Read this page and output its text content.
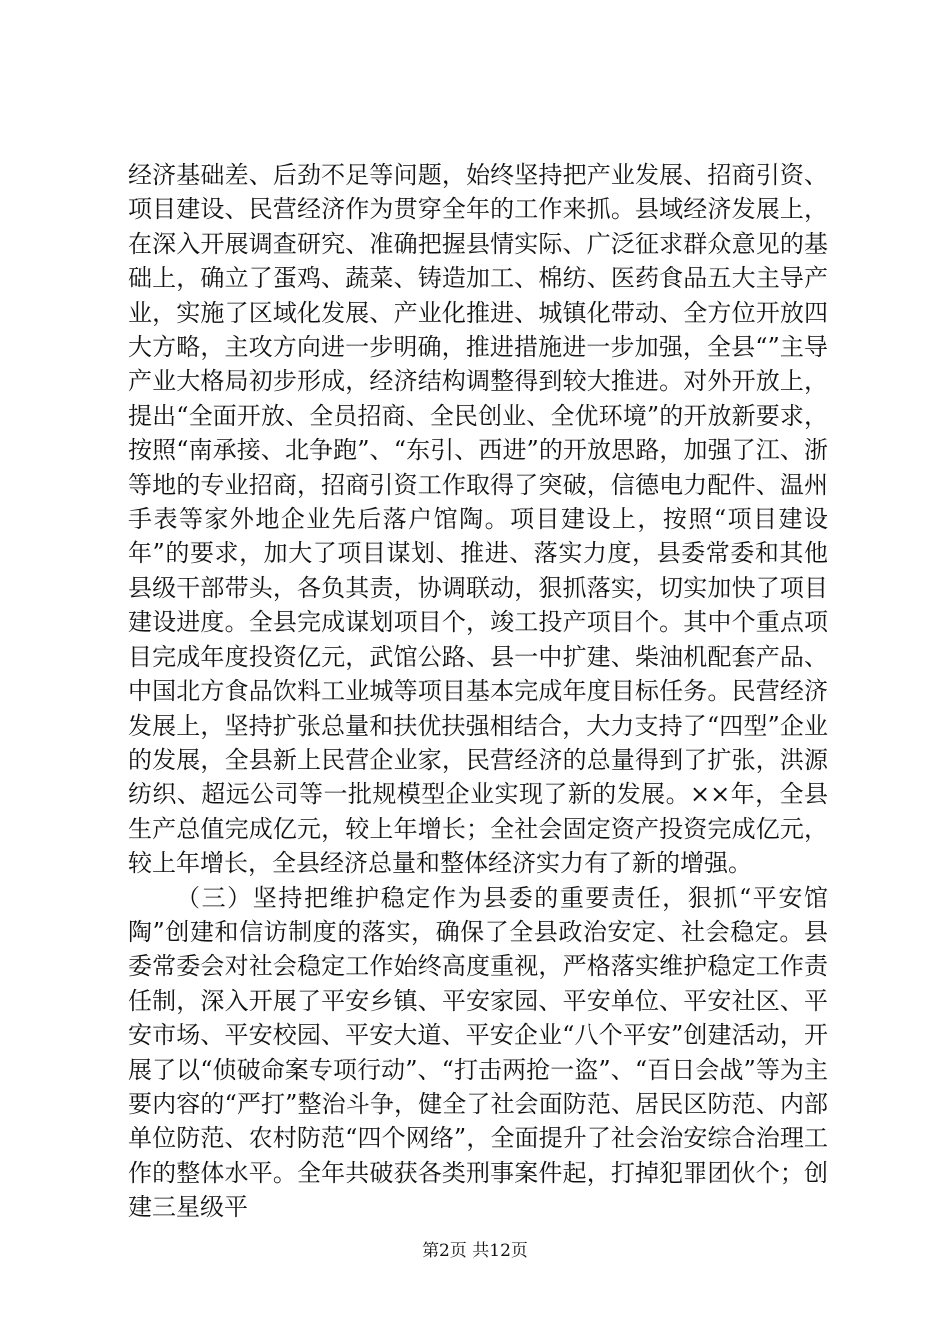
经济基础差、后劲不足等问题，始终坚持把产业发展、招商引资、项目建设、民营经济作为贯穿全年的工作来抓。县域经济发展上，在深入开展调查研究、准确把握县情实际、广泛征求群众意见的基础上，确立了蛋鸡、蔬菜、铸造加工、棉纺、医药食品五大主导产业，实施了区域化发展、产业化推进、城镇化带动、全方位开放四大方略，主攻方向进一步明确，推进措施进一步加强，全县“”主导产业大格局初步形成，经济结构调整得到较大推进。对外开放上，提出“全面开放、全员招商、全民创业、全优环境”的开放新要求，按照“南承接、北争跑”、“东引、西进”的开放思路，加强了江、浙等地的专业招商，招商引资工作取得了突破，信德电力配件、温州手表等家外地企业先后落户馆陶。项目建设上，按照“项目建设年”的要求，加大了项目谋划、推进、落实力度，县委常委和其他县级干部带头，各负其责，协调联动，狠抓落实，切实加快了项目建设进度。全县完成谋划项目个，竣工投产项目个。其中个重点项目完成年度投资亿元，武馆公路、县一中扩建、柴油机配套产品、中国北方食品饮料工业城等项目基本完成年度目标任务。民营经济发展上，坚持扩张总量和扶优扶强相结合，大力支持了“四型”企业的发展，全县新上民营企业家，民营经济的总量得到了扩张，洪源纺织、超远公司等一批规模型企业实现了新的发展。××年，全县生产总值完成亿元，较上年增长；全社会固定资产投资完成亿元，较上年增长，全县经济总量和整体经济实力有了新的增强。

（三）坚持把维护稳定作为县委的重要责任，狠抓“平安馆陶”创建和信访制度的落实，确保了全县政治安定、社会稳定。县委常委会对社会稳定工作始终高度重视，严格落实维护稳定工作责任制，深入开展了平安乡镇、平安家园、平安单位、平安社区、平安市场、平安校园、平安大道、平安企业“八个平安”创建活动，开展了以“侦破命案专项行动”、“打击两抢一盗”、“百日会战”等为主要内容的“严打”整治斗争，健全了社会面防范、居民区防范、内部单位防范、农村防范“四个网络”，全面提升了社会治安综合治理工作的整体水平。全年共破获各类刑事案件起，打掉犯罪团伙个；创建三星级平

第2页 共12页
